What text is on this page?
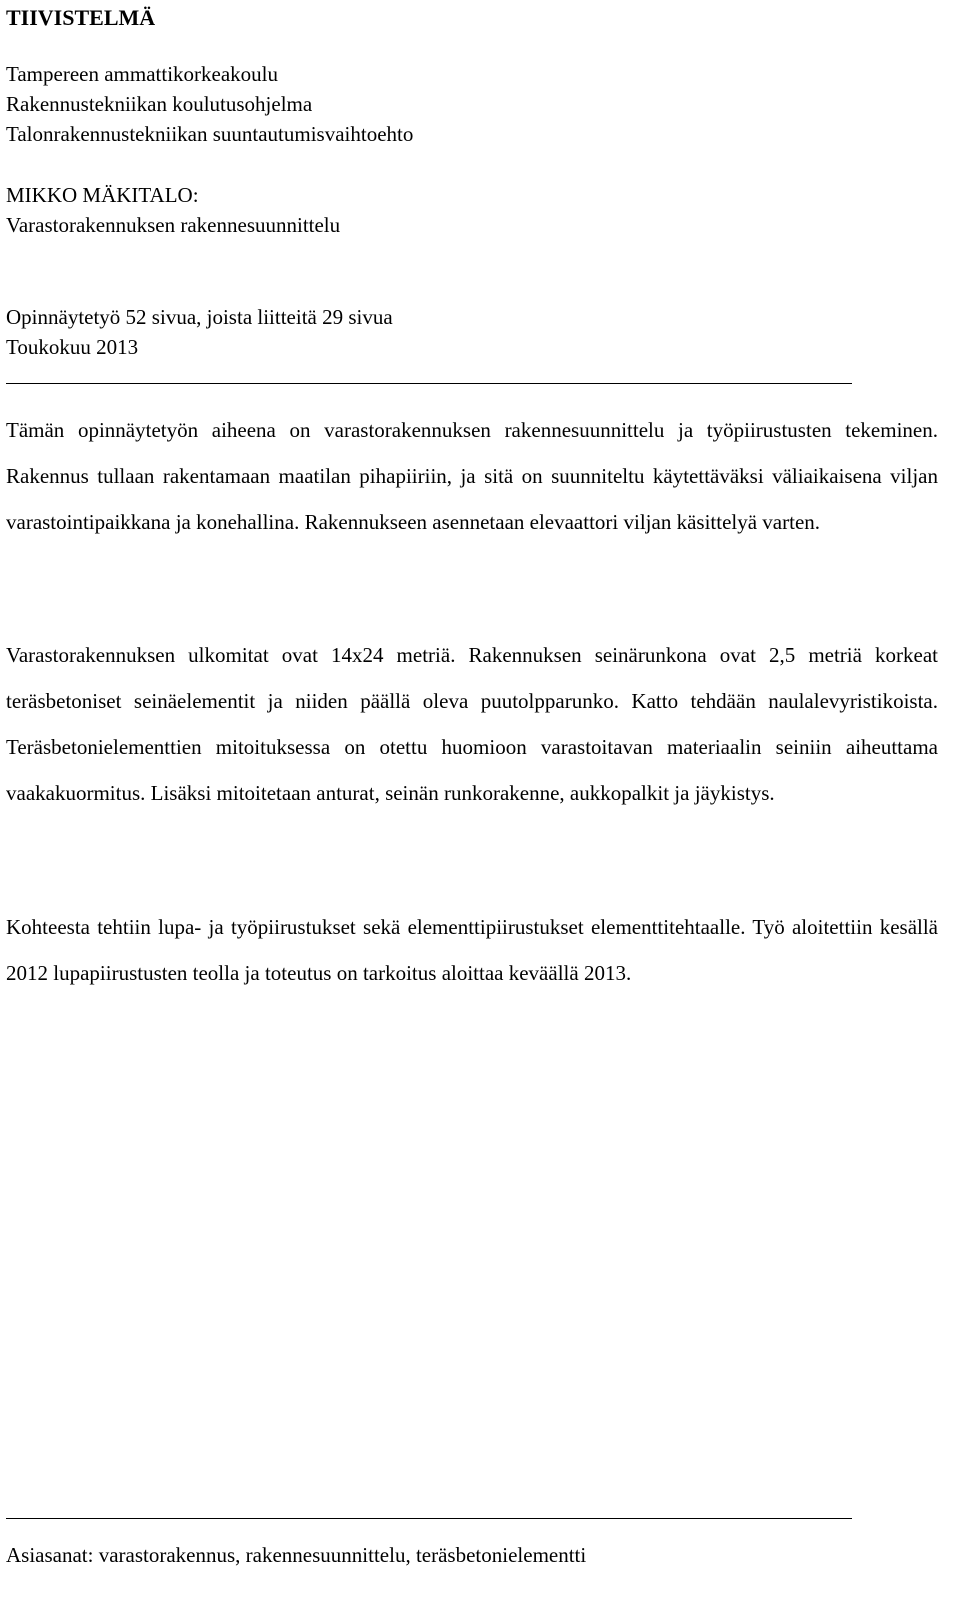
TIIVISTELMÄ
Tampereen ammattikorkeakoulu
Rakennustekniikan koulutusohjelma
Talonrakennustekniikan suuntautumisvaihtoehto
MIKKO MÄKITALO:
Varastorakennuksen rakennesuunnittelu
Opinnäytetyö 52 sivua, joista liitteitä 29 sivua
Toukokuu 2013

Tämän opinnäytetyön aiheena on varastorakennuksen rakennesuunnittelu ja työpiirustusten tekeminen. Rakennus tullaan rakentamaan maatilan pihapiiriin, ja sitä on suunniteltu käytettäväksi väliaikaisena viljan varastointipaikkana ja konehallina. Rakennukseen asennetaan elevaattori viljan käsittelyä varten.

Varastorakennuksen ulkomitat ovat 14x24 metriä. Rakennuksen seinärunkona ovat 2,5 metriä korkeat teräsbetoniset seinäelementit ja niiden päällä oleva puutolpparunko. Katto tehdään naulalevyristikoista. Teräsbetonielementtien mitoituksessa on otettu huomioon varastoitavan materiaalin seiniin aiheuttama vaakakuormitus. Lisäksi mitoitetaan anturat, seinän runkorakenne, aukkopalkit ja jäykistys.

Kohteesta tehtiin lupa- ja työpiirustukset sekä elementtipiirustukset elementtitehtaalle. Työ aloitettiin kesällä 2012 lupapiirustusten teolla ja toteutus on tarkoitus aloittaa keväällä 2013.

Asiasanat: varastorakennus, rakennesuunnittelu, teräsbetonielementti
